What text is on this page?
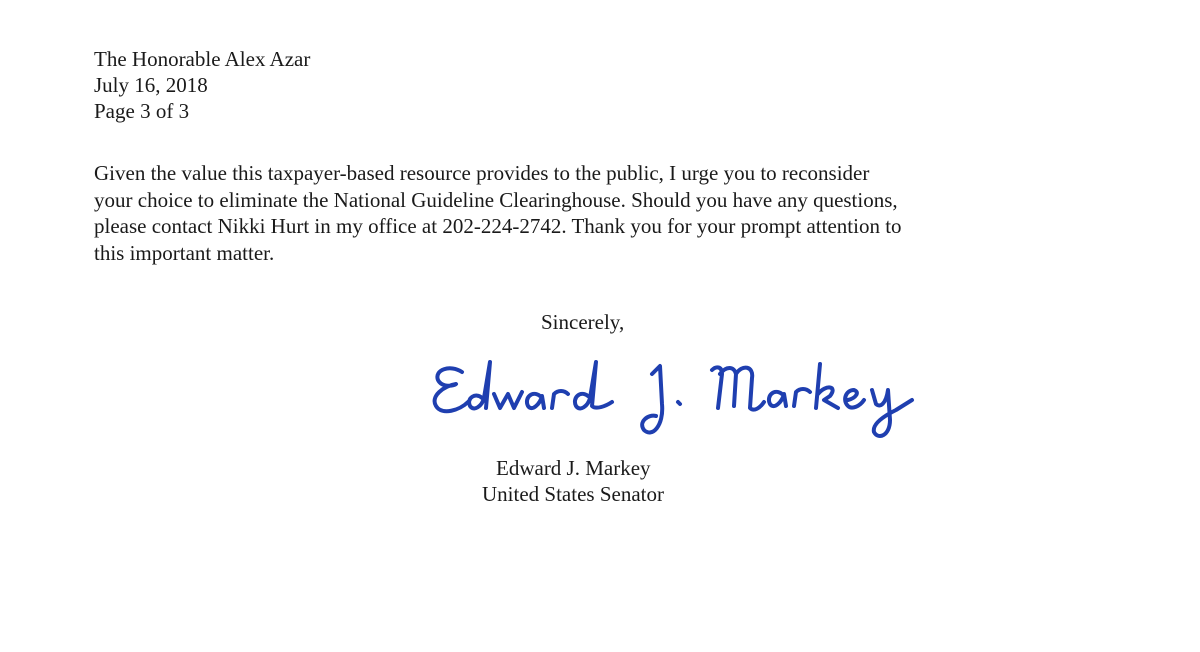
The Honorable Alex Azar
July 16, 2018
Page 3 of 3
Given the value this taxpayer-based resource provides to the public, I urge you to reconsider
your choice to eliminate the National Guideline Clearinghouse. Should you have any questions,
please contact Nikki Hurt in my office at 202-224-2742. Thank you for your prompt attention to
this important matter.
Sincerely,
Edward J. Markey
United States Senator
